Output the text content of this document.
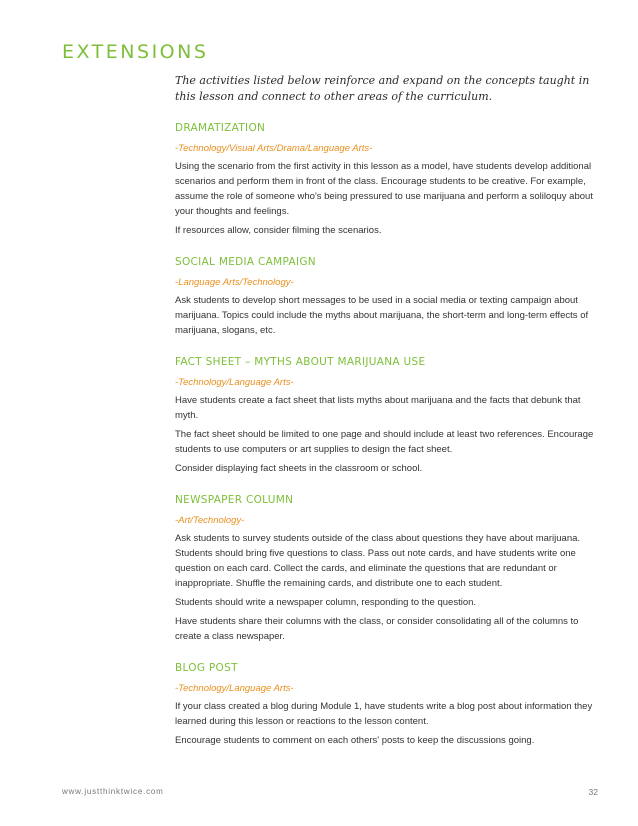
EXTENSIONS

The activities listed below reinforce and expand on the concepts taught in this lesson and connect to other areas of the curriculum.

DRAMATIZATION

-Technology/Visual Arts/Drama/Language Arts-

Using the scenario from the first activity in this lesson as a model, have students develop additional scenarios and perform them in front of the class. Encourage students to be creative. For example, assume the role of someone who's being pressured to use marijuana and perform a soliloquy about your thoughts and feelings.

If resources allow, consider filming the scenarios.

SOCIAL MEDIA CAMPAIGN

-Language Arts/Technology-

Ask students to develop short messages to be used in a social media or texting campaign about marijuana. Topics could include the myths about marijuana, the short-term and long-term effects of marijuana, slogans, etc.

FACT SHEET – MYTHS ABOUT MARIJUANA USE

-Technology/Language Arts-

Have students create a fact sheet that lists myths about marijuana and the facts that debunk that myth.

The fact sheet should be limited to one page and should include at least two references. Encourage students to use computers or art supplies to design the fact sheet.

Consider displaying fact sheets in the classroom or school.

NEWSPAPER COLUMN

-Art/Technology-

Ask students to survey students outside of the class about questions they have about marijuana. Students should bring five questions to class. Pass out note cards, and have students write one question on each card. Collect the cards, and eliminate the questions that are redundant or inappropriate. Shuffle the remaining cards, and distribute one to each student.

Students should write a newspaper column, responding to the question.

Have students share their columns with the class, or consider consolidating all of the columns to create a class newspaper.

BLOG POST

-Technology/Language Arts-

If your class created a blog during Module 1, have students write a blog post about information they learned during this lesson or reactions to the lesson content.

Encourage students to comment on each others' posts to keep the discussions going.

www.justthinktwice.com	32
